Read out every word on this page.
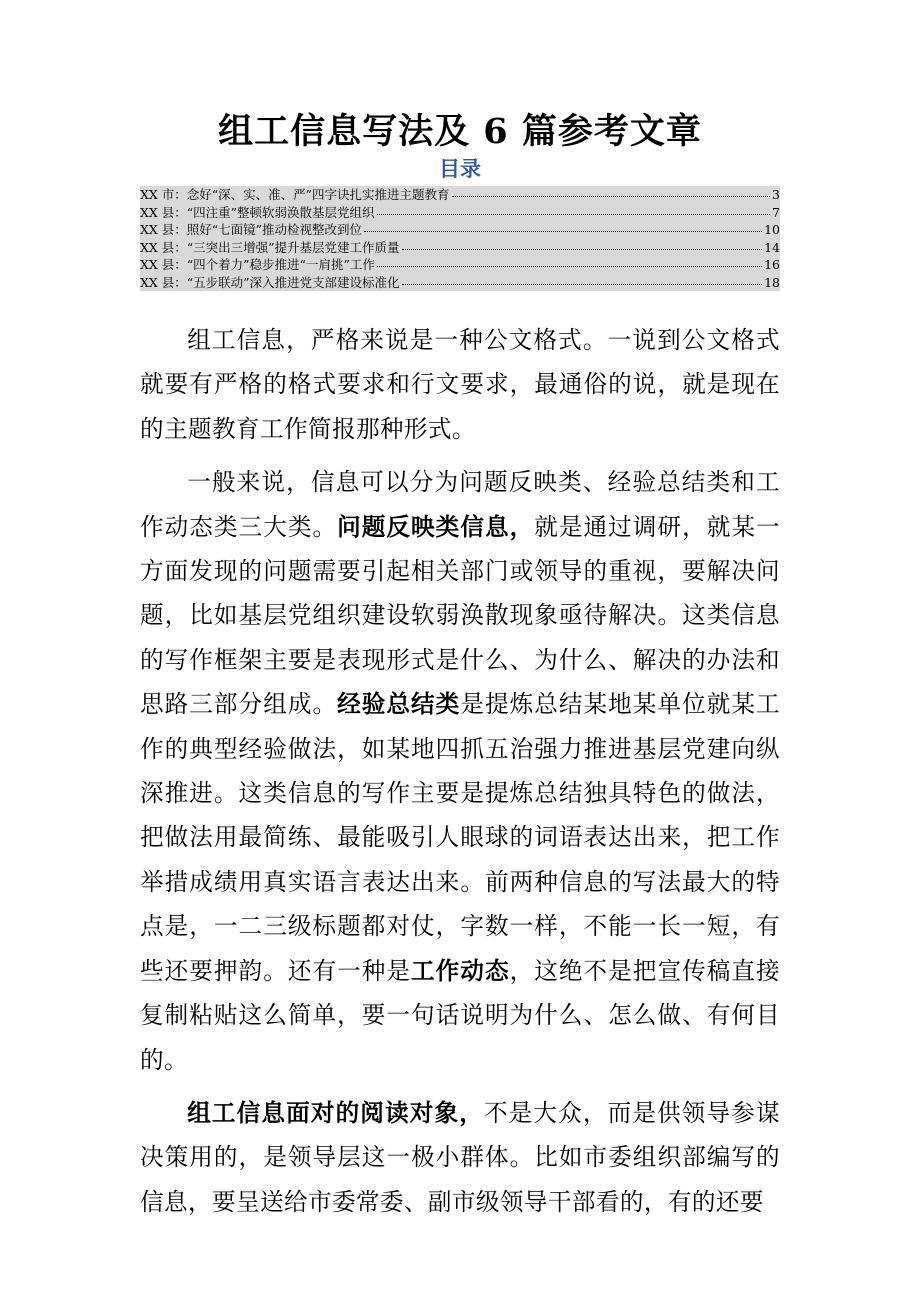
组工信息写法及 6 篇参考文章
目录
XX 市：念好“深、实、准、严”四字诀扎实推进主题教育	3
XX 县：“四注重”整顿软弱涣散基层党组织	7
XX 县：照好“七面镜”推动检视整改到位	10
XX 县：“三突出三增强”提升基层党建工作质量	14
XX 县：“四个着力”稳步推进“一肩挑”工作	16
XX 县：“五步联动”深入推进党支部建设标准化	18

组工信息，严格来说是一种公文格式。一说到公文格式就要有严格的格式要求和行文要求，最通俗的说，就是现在的主题教育工作简报那种形式。

一般来说，信息可以分为问题反映类、经验总结类和工作动态类三大类。问题反映类信息，就是通过调研，就某一方面发现的问题需要引起相关部门或领导的重视，要解决问题，比如基层党组织建设软弱涣散现象亟待解决。这类信息的写作框架主要是表现形式是什么、为什么、解决的办法和思路三部分组成。经验总结类是提炼总结某地某单位就某工作的典型经验做法，如某地四抓五治强力推进基层党建向纵深推进。这类信息的写作主要是提炼总结独具特色的做法，把做法用最简练、最能吸引人眼球的词语表达出来，把工作举措成绩用真实语言表达出来。前两种信息的写法最大的特点是，一二三级标题都对仗，字数一样，不能一长一短，有些还要押韵。还有一种是工作动态，这绝不是把宣传稿直接复制粘贴这么简单，要一句话说明为什么、怎么做、有何目的。

组工信息面对的阅读对象，不是大众，而是供领导参谋决策用的，是领导层这一极小群体。比如市委组织部编写的信息，要呈送给市委常委、副市级领导干部看的，有的还要
